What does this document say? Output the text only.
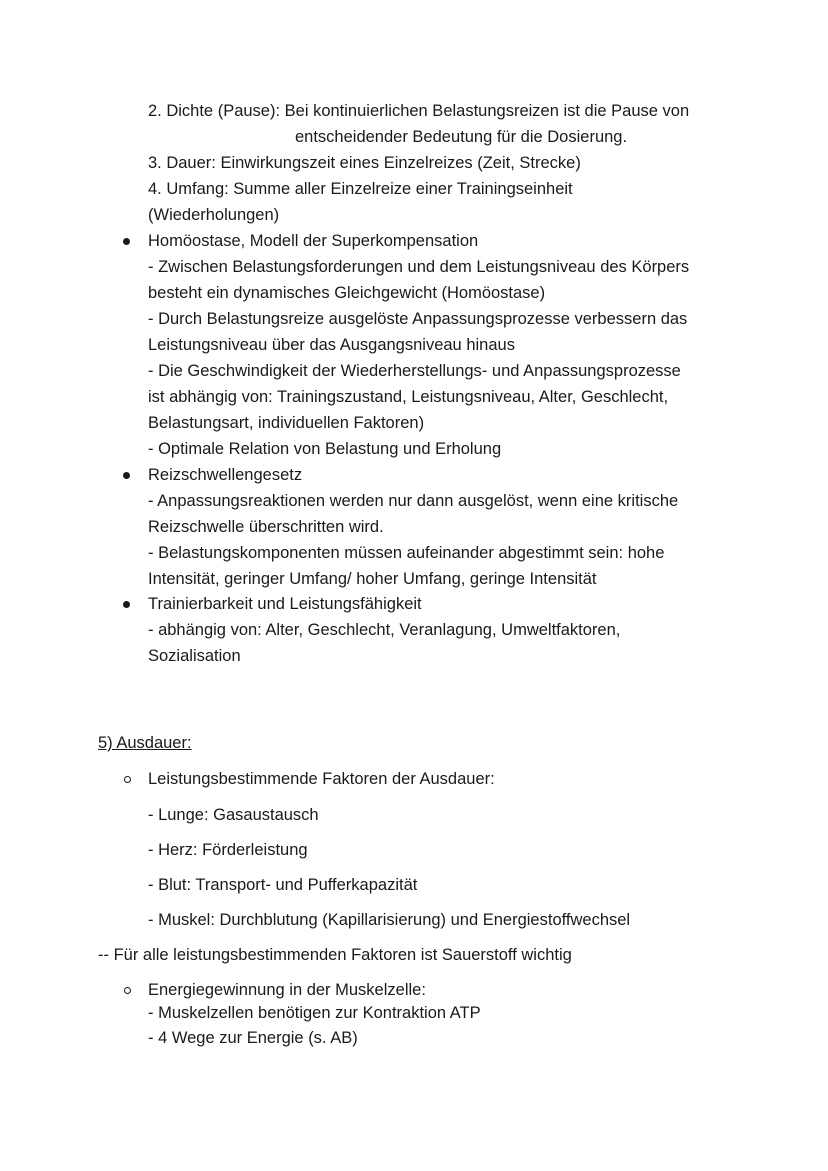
2. Dichte (Pause): Bei kontinuierlichen Belastungsreizen ist die Pause von
entscheidender Bedeutung für die Dosierung.
3. Dauer: Einwirkungszeit eines Einzelreizes (Zeit, Strecke)
4. Umfang: Summe aller Einzelreize einer Trainingseinheit
(Wiederholungen)
Homöostase, Modell der Superkompensation
- Zwischen Belastungsforderungen und dem Leistungsniveau des Körpers
besteht ein dynamisches Gleichgewicht (Homöostase)
- Durch Belastungsreize ausgelöste Anpassungsprozesse verbessern das
Leistungsniveau über das Ausgangsniveau hinaus
- Die Geschwindigkeit der Wiederherstellungs- und Anpassungsprozesse
ist abhängig von: Trainingszustand, Leistungsniveau, Alter, Geschlecht,
Belastungsart, individuellen Faktoren)
- Optimale Relation von Belastung und Erholung
Reizschwellengesetz
- Anpassungsreaktionen werden nur dann ausgelöst, wenn eine kritische
Reizschwelle überschritten wird.
- Belastungskomponenten müssen aufeinander abgestimmt sein: hohe
Intensität, geringer Umfang/ hoher Umfang, geringe Intensität
Trainierbarkeit und Leistungsfähigkeit
- abhängig von: Alter, Geschlecht, Veranlagung, Umweltfaktoren,
Sozialisation
5) Ausdauer:
Leistungsbestimmende Faktoren der Ausdauer:
- Lunge: Gasaustausch
- Herz: Förderleistung
- Blut: Transport- und Pufferkapazität
- Muskel: Durchblutung (Kapillarisierung) und Energiestoffwechsel
-- Für alle leistungsbestimmenden Faktoren ist Sauerstoff wichtig
Energiegewinnung in der Muskelzelle:
- Muskelzellen benötigen zur Kontraktion ATP
- 4 Wege zur Energie (s. AB)
